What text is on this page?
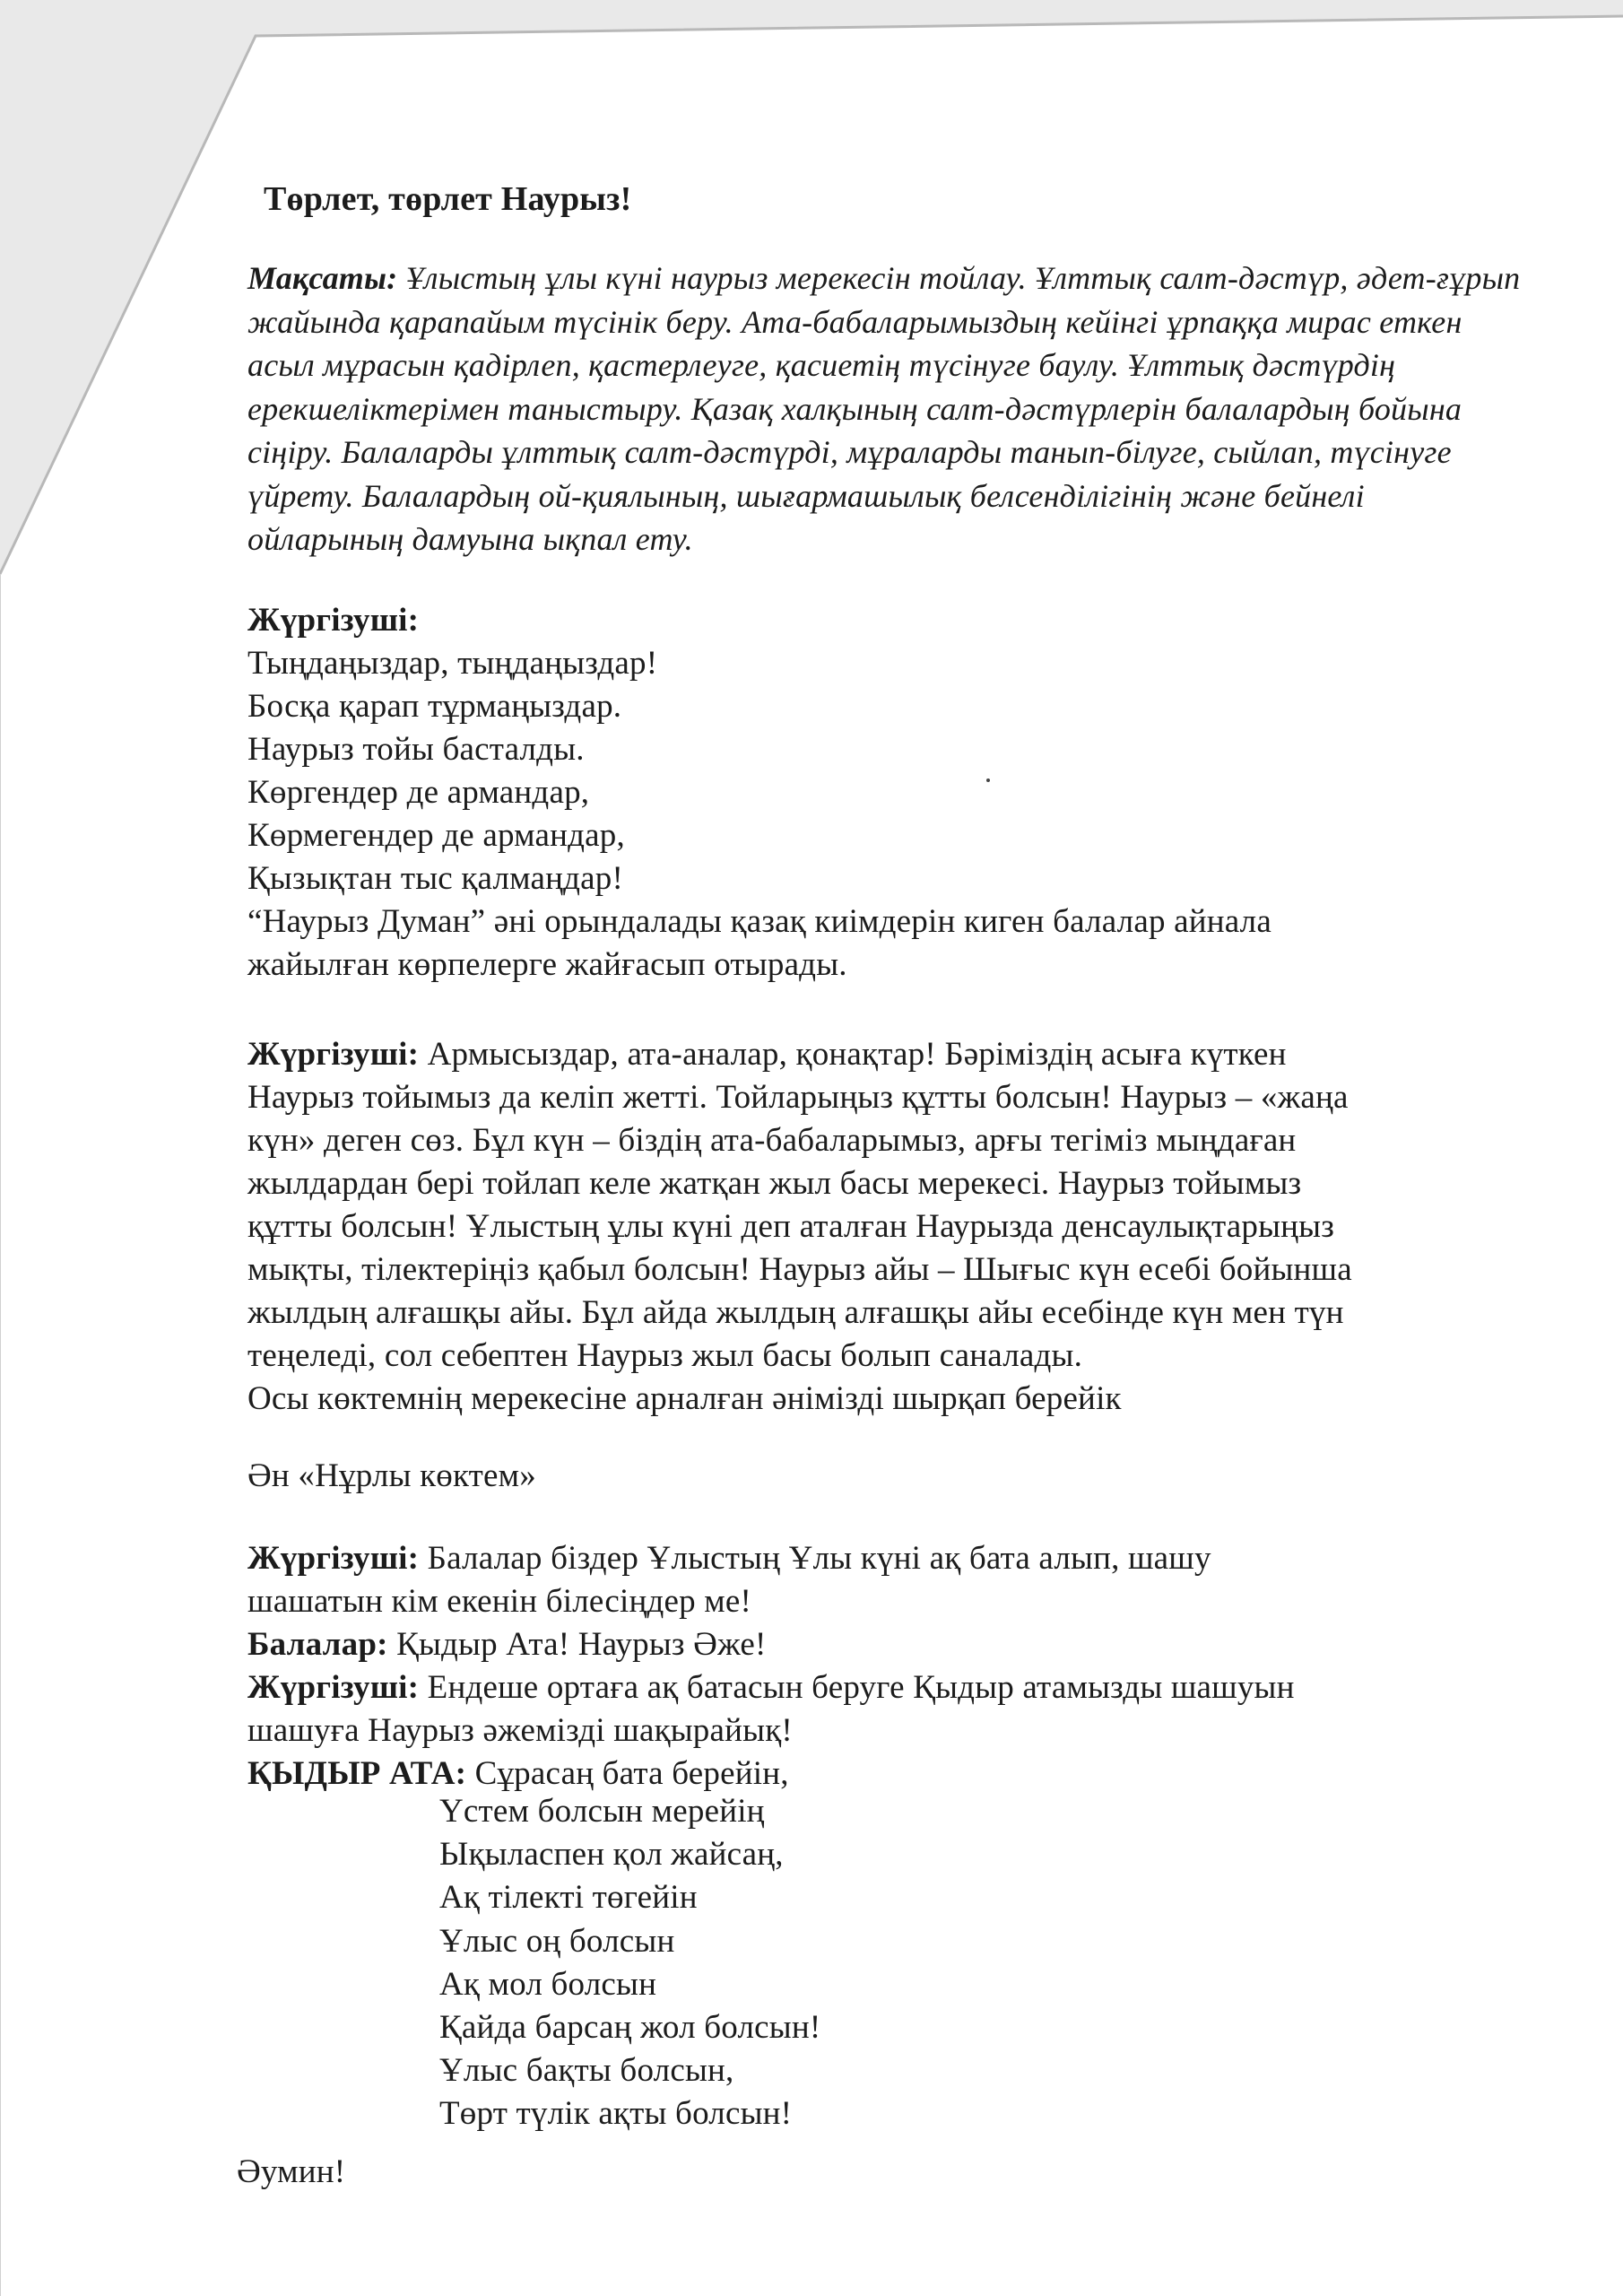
Төрлет, төрлет Наурыз!
Мақсаты: Ұлыстың ұлы күні наурыз мерекесін тойлау. Ұлттық салт-дәстүр, әдет-ғұрып жайында қарапайым түсінік беру. Ата-бабаларымыздың кейінгі ұрпаққа мирас еткен асыл мұрасын қадірлеп, қастерлеуге, қасиетің түсінуге баулу. Ұлттық дәстүрдің ерекшеліктерімен таныстыру. Қазақ халқының салт-дәстүрлерін балалардың бойына сіңіру. Балаларды ұлттық салт-дәстүрді, мұраларды танып-білуге, сыйлап, түсінуге үйрету. Балалардың ой-қиялының, шығармашылық белсенділігінің және бейнелі ойларының дамуына ықпал ету.
Жүргізуші:
Тыңдаңыздар, тыңдаңыздар!
Босқа қарап тұрмаңыздар.
Наурыз тойы басталды.
Көргендер де армандар,
Көрмегендер де армандар,
Қызықтан тыс қалмаңдар!
“Наурыз Думан” әні орындалады қазақ киімдерін киген балалар айнала
жайылған көрпелерге жайғасып отырады.
Жүргізуші: Армысыздар, ата-аналар, қонақтар! Бәріміздің асыға күткен
Наурыз тойымыз да келіп жетті. Тойларыңыз құтты болсын! Наурыз – «жаңа
күн» деген сөз. Бұл күн – біздің ата-бабаларымыз, арғы тегіміз мыңдаған
жылдардан бері тойлап келе жатқан жыл басы мерекесі. Наурыз тойымыз
құтты болсын! Ұлыстың ұлы күні деп аталған Наурызда денсаулықтарыңыз
мықты, тілектеріңіз қабыл болсын! Наурыз айы – Шығыс күн есебі бойынша
жылдың алғашқы айы. Бұл айда жылдың алғашқы айы есебінде күн мен түн
теңеледі, сол себептен Наурыз жыл басы болып саналады.
Осы көктемнің мерекесіне арналған әнімізді шырқап берейік
Ән «Нұрлы көктем»
Жүргізуші: Балалар біздер Ұлыстың Ұлы күні ақ бата алып, шашу
шашатын кім екенін білесіңдер ме!
Балалар: Қыдыр Ата! Наурыз Әже!
Жүргізуші: Ендеше ортаға ақ батасын беруге Қыдыр атамызды шашуын
шашуға Наурыз әжемізді шақырайық!
ҚЫДЫР АТА: Сұрасаң бата берейін,
Үстем болсын мерейің
Ықыласпен қол жайсаң,
Ақ тілекті төгейін
Ұлыс оң болсын
Ақ мол болсын
Қайда барсаң жол болсын!
Ұлыс бақты болсын,
Төрт түлік ақты болсын!
Әумин!
